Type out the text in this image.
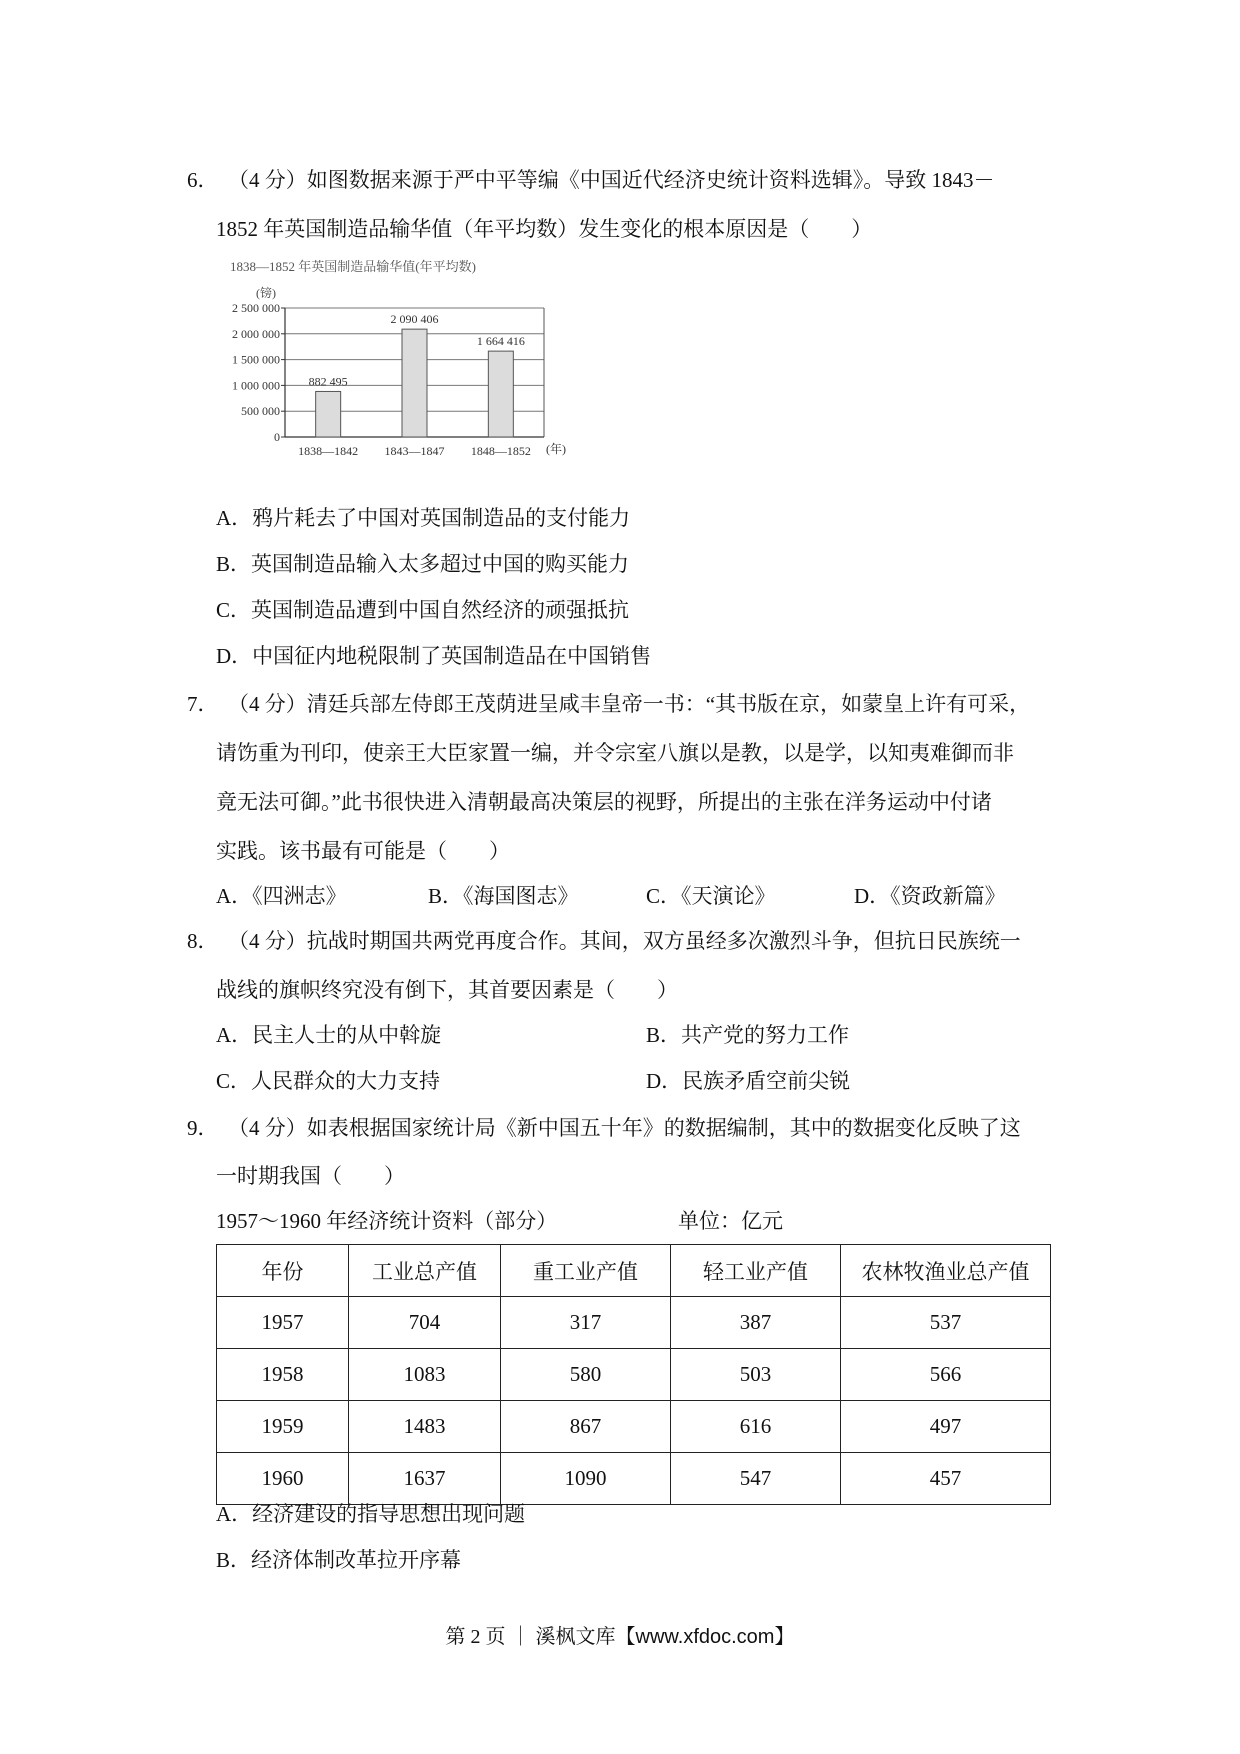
6． （4 分）如图数据来源于严中平等编《中国近代经济史统计资料选辑》。导致 1843－
1852 年英国制造品输华值（年平均数）发生变化的根本原因是（　　）
1838—1852 年英国制造品输华值(年平均数)
(镑)
0
500 000
1 000 000
1 500 000
2 000 000
2 500 000
882 495
1838—1842
2 090 406
1843—1847
1 664 416
1848—1852 (年)
A．鸦片耗去了中国对英国制造品的支付能力
B．英国制造品输入太多超过中国的购买能力
C．英国制造品遭到中国自然经济的顽强抵抗
D．中国征内地税限制了英国制造品在中国销售
7． （4 分）清廷兵部左侍郎王茂荫进呈咸丰皇帝一书：“其书版在京，如蒙皇上许有可采，
请饬重为刊印，使亲王大臣家置一编，并令宗室八旗以是教，以是学，以知夷难御而非
竟无法可御。”此书很快进入清朝最高决策层的视野，所提出的主张在洋务运动中付诸
实践。该书最有可能是（　　）
A．《四洲志》	B．《海国图志》	C．《天演论》	D．《资政新篇》
8． （4 分）抗战时期国共两党再度合作。其间，双方虽经多次激烈斗争，但抗日民族统一
战线的旗帜终究没有倒下，其首要因素是（　　）
A．民主人士的从中斡旋	B．共产党的努力工作
C．人民群众的大力支持	D．民族矛盾空前尖锐
9． （4 分）如表根据国家统计局《新中国五十年》的数据编制，其中的数据变化反映了这
一时期我国（　　）
1957～1960 年经济统计资料（部分）	单位：亿元
年份	工业总产值	重工业产值	轻工业产值	农林牧渔业总产值
1957	704	317	387	537
1958	1083	580	503	566
1959	1483	867	616	497
1960	1637	1090	547	457
A．经济建设的指导思想出现问题
B．经济体制改革拉开序幕
第 2 页 ｜ 溪枫文库【www.xfdoc.com】
